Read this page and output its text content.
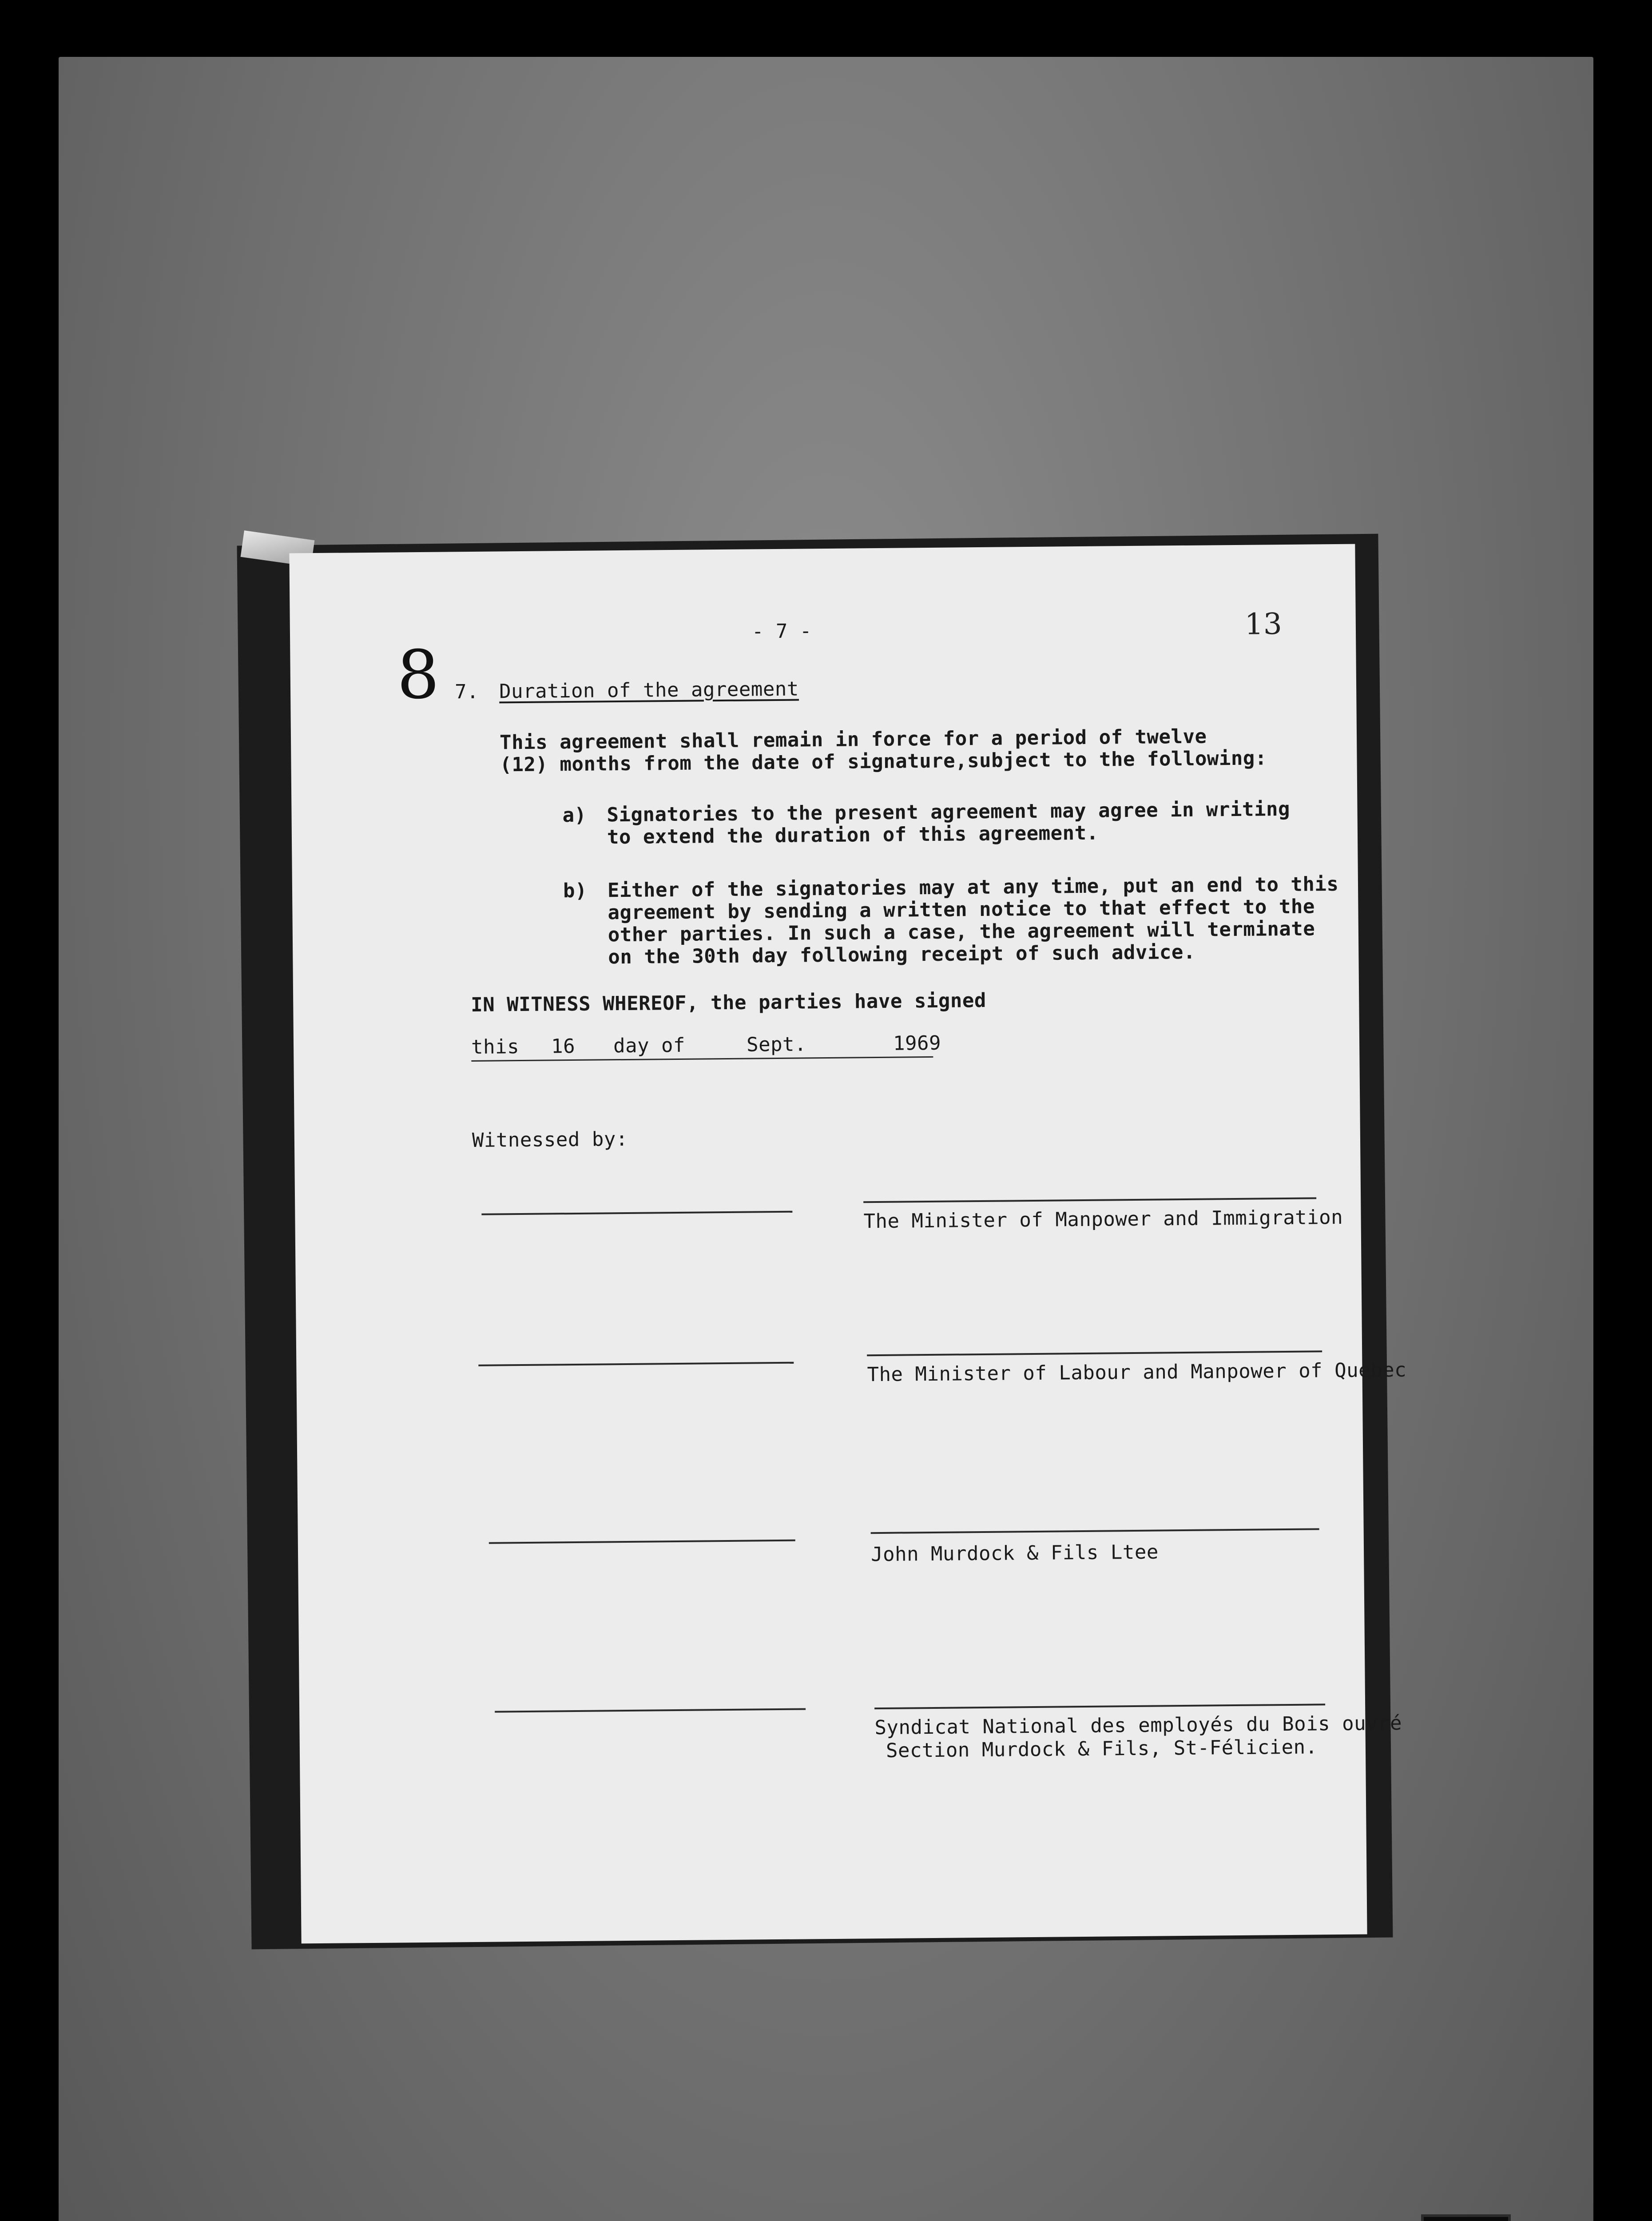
8
- 7 -	13
7. Duration of the agreement
This agreement shall remain in force for a period of twelve
(12) months from the date of signature,subject to the following:
a) Signatories to the present agreement may agree in writing
to extend the duration of this agreement.
b) Either of the signatories may at any time, put an end to this
agreement by sending a written notice to that effect to the
other parties. In such a case, the agreement will terminate
on the 30th day following receipt of such advice.
IN WITNESS WHEREOF, the parties have signed
this 16 day of	Sept.	1969
Witnessed by:
The Minister of Manpower and Immigration
The Minister of Labour and Manpower of Quebec
John Murdock & Fils Ltee
Syndicat National des employés du Bois ouvré
Section Murdock & Fils, St-Félicien.
